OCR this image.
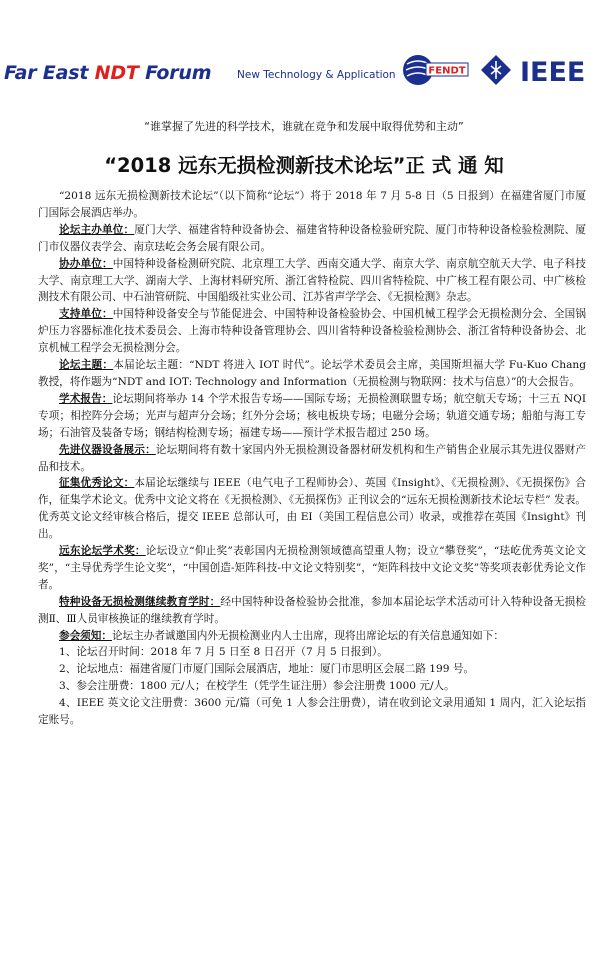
Far East NDT Forum New Technology & Application	FENDT IEEE
“谁掌握了先进的科学技术，谁就在竞争和发展中取得优势和主动”
“2018 远东无损检测新技术论坛”正 式 通 知

“2018 远东无损检测新技术论坛”（以下简称“论坛”）将于 2018 年 7 月 5-8 日（5 日报到）在福建省厦门市厦门国际会展酒店举办。

论坛主办单位：厦门大学、福建省特种设备协会、福建省特种设备检验研究院、厦门市特种设备检验检测院、厦门市仪器仪表学会、南京珐屹会务会展有限公司。

协办单位：中国特种设备检测研究院、北京理工大学、西南交通大学、南京大学、南京航空航天大学、电子科技大学、南京理工大学、湖南大学、上海材料研究所、浙江省特检院、四川省特检院、中广核工程有限公司、中广核检测技术有限公司、中石油管研院、中国船级社实业公司、江苏省声学学会、《无损检测》杂志。

支持单位：中国特种设备安全与节能促进会、中国特种设备检验协会、中国机械工程学会无损检测分会、全国锅炉压力容器标准化技术委员会、上海市特种设备管理协会、四川省特种设备检验检测协会、浙江省特种设备协会、北京机械工程学会无损检测分会。

论坛主题：本届论坛主题：“NDT 将进入 IOT 时代”。论坛学术委员会主席，美国斯坦福大学 Fu-Kuo Chang 教授，将作题为“NDT and IOT: Technology and Information（无损检测与物联网：技术与信息）”的大会报告。

学术报告：论坛期间将举办 14 个学术报告专场——国际专场；无损检测联盟专场；航空航天专场；十三五 NQI 专项；相控阵分会场；光声与超声分会场；红外分会场；核电板块专场；电磁分会场；轨道交通专场；船舶与海工专场；石油管及装备专场；钢结构检测专场；福建专场——预计学术报告超过 250 场。

先进仪器设备展示：论坛期间将有数十家国内外无损检测设备器材研发机构和生产销售企业展示其先进仪器财产品和技术。

征集优秀论文：本届论坛继续与 IEEE（电气电子工程师协会）、英国《Insight》、《无损检测》、《无损探伤》合作，征集学术论文。优秀中文论文将在《无损检测》、《无损探伤》正刊议会的“远东无损检测新技术论坛专栏” 发表。优秀英文论文经审核合格后，提交 IEEE 总部认可，由 EI（美国工程信息公司）收录，或推荐在英国《Insight》刊出。

远东论坛学术奖：论坛设立“仰止奖”表彰国内无损检测领域德高望重人物；设立“攀登奖”，“珐屹优秀英文论文奖”，“主导优秀学生论文奖”，“中国创造-矩阵科技-中文论文特别奖”，“矩阵科技中文论文奖”等奖项表彰优秀论文作者。

特种设备无损检测继续教育学时：经中国特种设备检验协会批准，参加本届论坛学术活动可计入特种设备无损检测Ⅱ、Ⅲ人员审核换证的继续教育学时。

参会须知：论坛主办者诚邀国内外无损检测业内人士出席，现将出席论坛的有关信息通知如下：

1、论坛召开时间：2018 年 7 月 5 日至 8 日召开（7 月 5 日报到）。

2、论坛地点：福建省厦门市厦门国际会展酒店，地址：厦门市思明区会展二路 199 号。

3、参会注册费：1800 元/人；在校学生（凭学生证注册）参会注册费 1000 元/人。

4、IEEE 英文论文注册费：3600 元/篇（可免 1 人参会注册费），请在收到论文录用通知 1 周内，汇入论坛指定账号。
